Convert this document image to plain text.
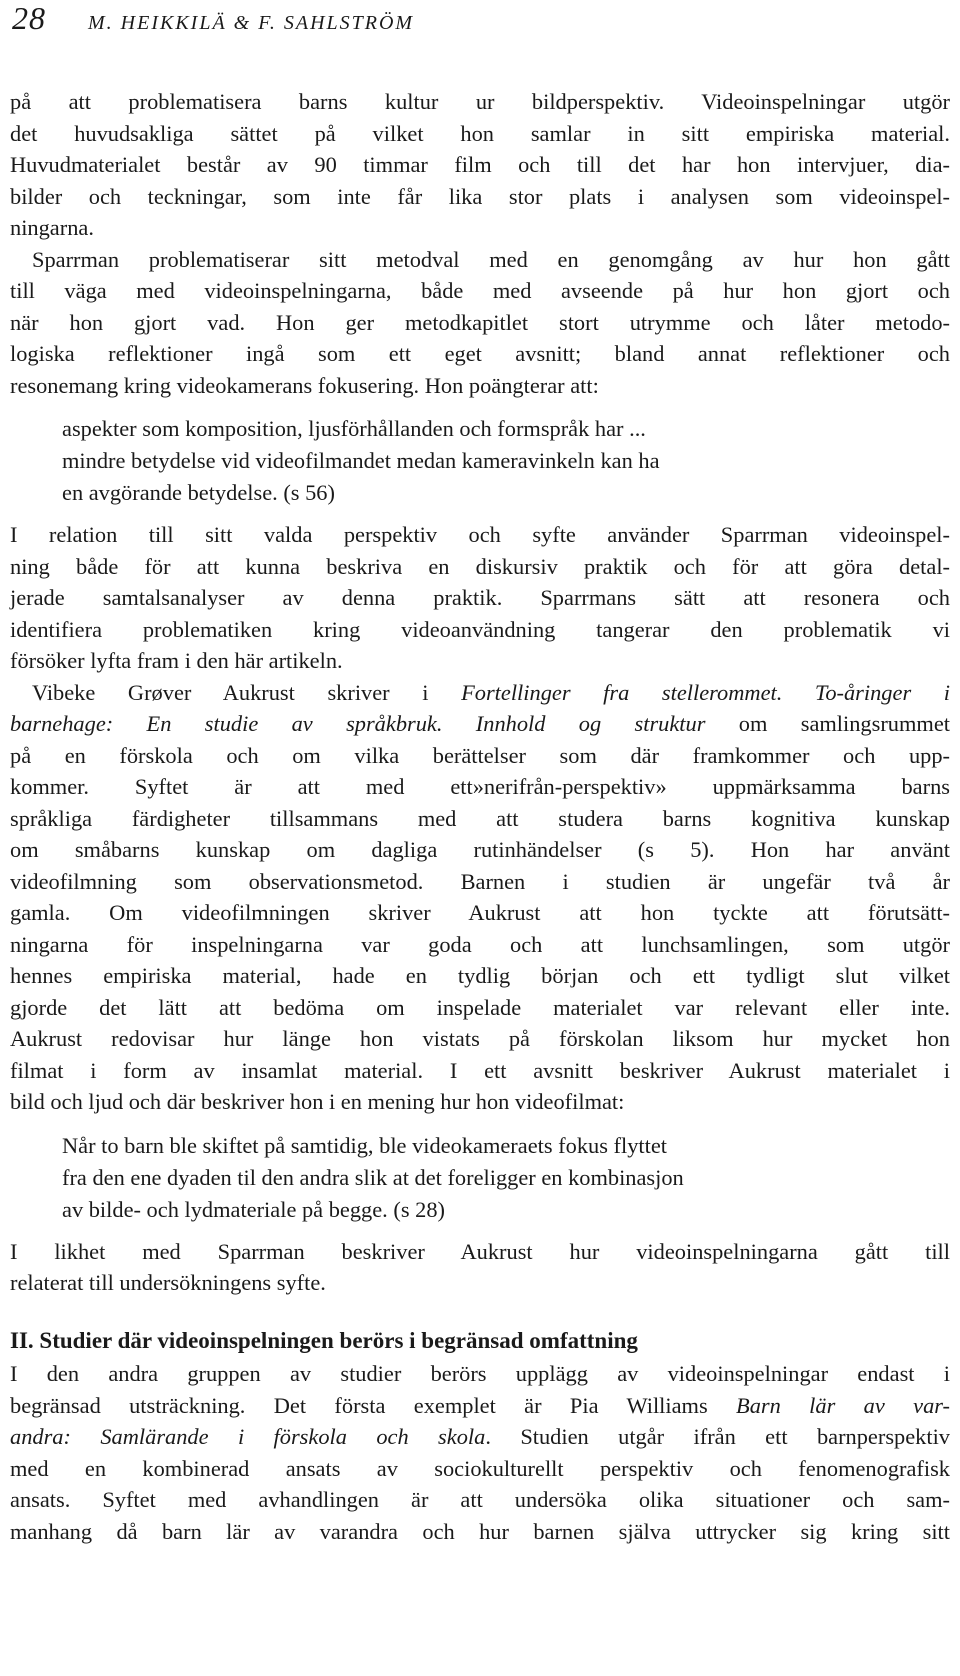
28 M. HEIKKILÄ & F. SAHLSTRÖM

på att problematisera barns kultur ur bildperspektiv. Videoinspelningar utgör
det huvudsakliga sättet på vilket hon samlar in sitt empiriska material.
Huvudmaterialet består av 90 timmar film och till det har hon intervjuer, dia-
bilder och teckningar, som inte får lika stor plats i analysen som videoinspel-
ningarna.

Sparrman problematiserar sitt metodval med en genomgång av hur hon gått

till väga med videoinspelningarna, både med avseende på hur hon gjort och
när hon gjort vad. Hon ger metodkapitlet stort utrymme och låter metodo-
logiska reflektioner ingå som ett eget avsnitt; bland annat reflektioner och
resonemang kring videokamerans fokusering. Hon poängterar att:

aspekter som komposition, ljusförhållanden och formspråk har ...
mindre betydelse vid videofilmandet medan kameravinkeln kan ha
en avgörande betydelse. (s 56)

I relation till sitt valda perspektiv och syfte använder Sparrman videoinspel-
ning både för att kunna beskriva en diskursiv praktik och för att göra detal-
jerade samtalsanalyser av denna praktik. Sparrmans sätt att resonera och
identifiera problematiken kring videoanvändning tangerar den problematik vi
försöker lyfta fram i den här artikeln.

Vibeke Grøver Aukrust skriver i Fortellinger fra stellerommet. To-åringer i
barnehage: En studie av språkbruk. Innhold og struktur om samlingsrummet
på en förskola och om vilka berättelser som där framkommer och upp-
kommer. Syftet är att med ett»nerifrån-perspektiv» uppmärksamma barns
språkliga färdigheter tillsammans med att studera barns kognitiva kunskap
om småbarns kunskap om dagliga rutinhändelser (s 5). Hon har använt
videofilmning som observationsmetod. Barnen i studien är ungefär två år
gamla. Om videofilmningen skriver Aukrust att hon tyckte att förutsätt-
ningarna för inspelningarna var goda och att lunchsamlingen, som utgör
hennes empiriska material, hade en tydlig början och ett tydligt slut vilket
gjorde det lätt att bedöma om inspelade materialet var relevant eller inte.
Aukrust redovisar hur länge hon vistats på förskolan liksom hur mycket hon
filmat i form av insamlat material. I ett avsnitt beskriver Aukrust materialet i
bild och ljud och där beskriver hon i en mening hur hon videofilmat:

Når to barn ble skiftet på samtidig, ble videokameraets fokus flyttet
fra den ene dyaden til den andra slik at det foreligger en kombinasjon
av bilde- och lydmateriale på begge. (s 28)

I likhet med Sparrman beskriver Aukrust hur videoinspelningarna gått till
relaterat till undersökningens syfte.

II. Studier där videoinspelningen berörs i begränsad omfattning

I den andra gruppen av studier berörs upplägg av videoinspelningar endast i
begränsad utsträckning. Det första exemplet är Pia Williams Barn lär av var-
andra: Samlärande i förskola och skola. Studien utgår ifrån ett barnperspektiv
med en kombinerad ansats av sociokulturellt perspektiv och fenomenografisk
ansats. Syftet med avhandlingen är att undersöka olika situationer och sam-
manhang då barn lär av varandra och hur barnen själva uttrycker sig kring sitt
